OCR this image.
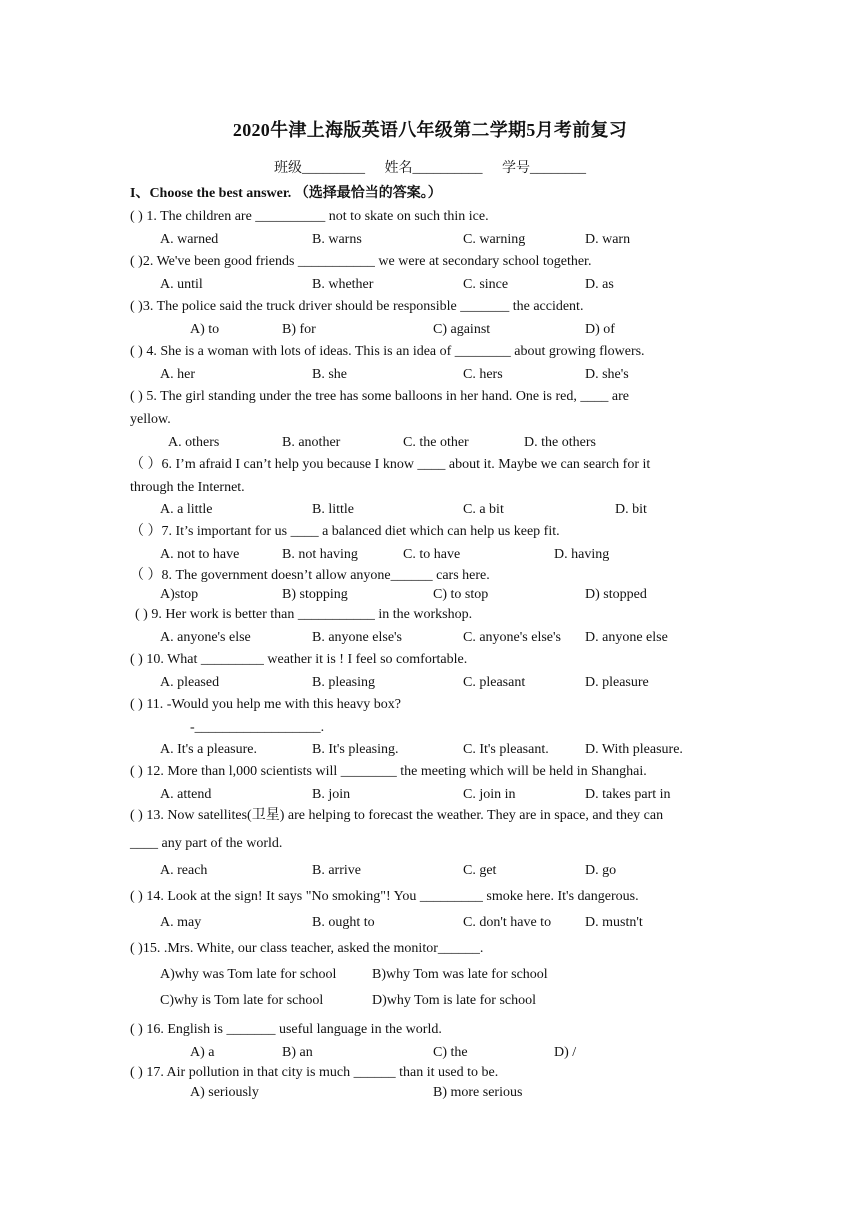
2020牛津上海版英语八年级第二学期5月考前复习
班级_________ 姓名__________ 学号________
I、Choose the best answer. （选择最恰当的答案。）
( ) 1. The children are __________ not to skate on such thin ice.
A. warned	B. warns	C. warning	D. warn
( )2. We've been good friends ___________ we were at secondary school together.
A. until	B. whether	C. since	D. as
( )3. The police said the truck driver should be responsible _______ the accident.
A) to	B) for	C) against	D) of
( ) 4. She is a woman with lots of ideas. This is an idea of ________ about growing flowers.
A. her	B. she	C. hers	D. she's
( ) 5. The girl standing under the tree has some balloons in her hand. One is red, ____ are
yellow.
A. others	B. another	C. the other	D. the others
（ ）6. I’m afraid I can’t help you because I know ____ about it. Maybe we can search for it
through the Internet.
A. a little	B. little	C. a bit	D. bit
（ ）7. It’s important for us ____ a balanced diet which can help us keep fit.
A. not to have	B. not having	C. to have	D. having
（ ）8. The government doesn’t allow anyone______ cars here.
A)stop	B) stopping	C) to stop	D) stopped
( ) 9. Her work is better than ___________ in the workshop.
A. anyone's else	B. anyone else's	C. anyone's else's D. anyone else
( ) 10. What _________ weather it is ! I feel so comfortable.
A. pleased	B. pleasing	C. pleasant	D. pleasure
( ) 11. -Would you help me with this heavy box?
-__________________.
A. It's a pleasure.	B. It's pleasing.	C. It's pleasant.	D. With pleasure.
( ) 12. More than l,000 scientists will ________ the meeting which will be held in Shanghai.
A. attend	B. join	C. join in	D. takes part in
( ) 13. Now satellites(卫星) are helping to forecast the weather. They are in space, and they can
____ any part of the world.
A. reach	B. arrive	C. get	D. go
( ) 14. Look at the sign! It says "No smoking"! You _________ smoke here. It's dangerous.
A. may	B. ought to	C. don't have to D. mustn't
( )15. .Mrs. White, our class teacher, asked the monitor______.
A)why was Tom late for school	B)why Tom was late for school
C)why is Tom late for school	D)why Tom is late for school
( ) 16. English is _______ useful language in the world.
A) a	B) an	C) the	D) /
( ) 17. Air pollution in that city is much ______ than it used to be.
A) seriously	B) more serious
